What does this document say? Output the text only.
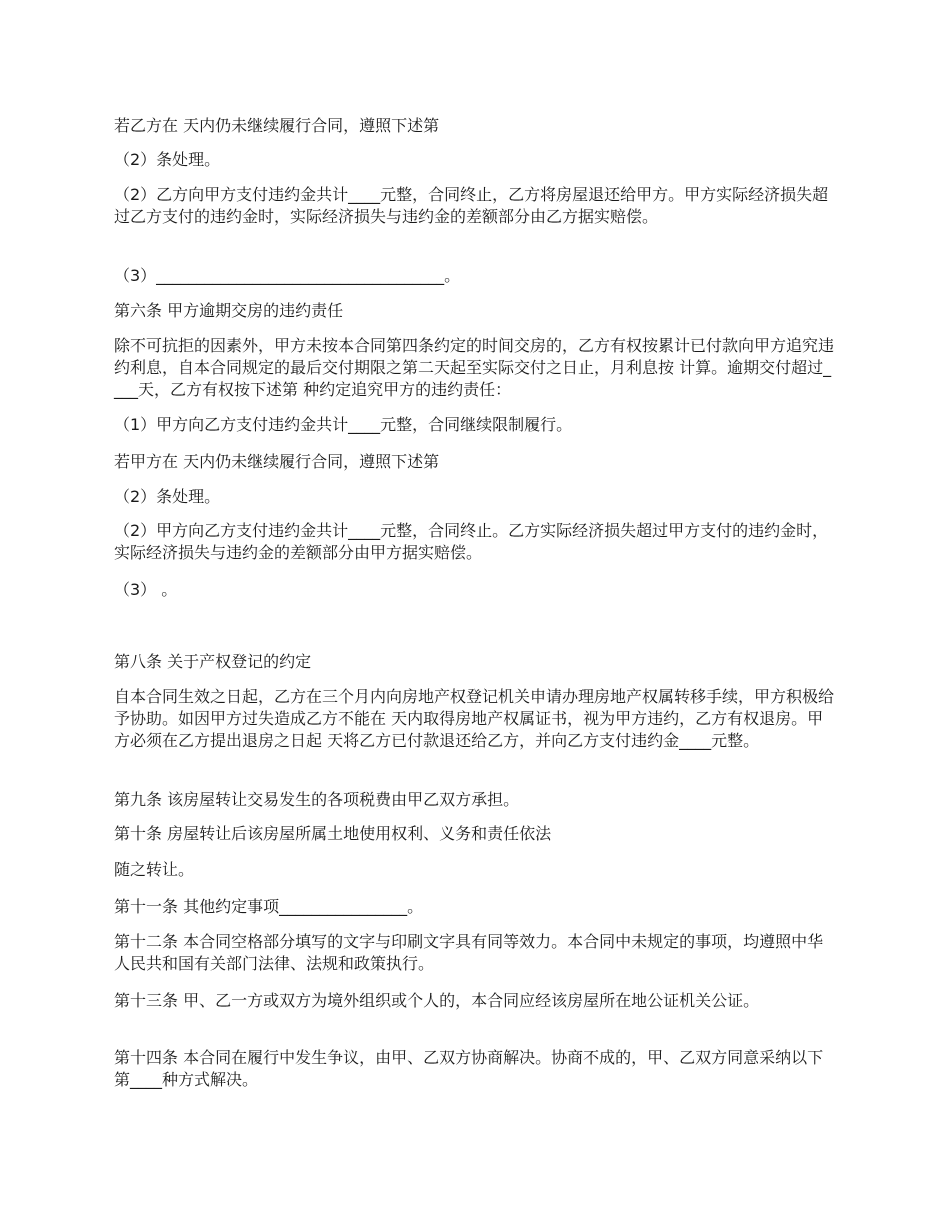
若乙方在 天内仍未继续履行合同，遵照下述第

（2）条处理。

（2）乙方向甲方支付违约金共计____元整，合同终止，乙方将房屋退还给甲方。甲方实际经济损失超过乙方支付的违约金时，实际经济损失与违约金的差额部分由乙方据实赔偿。

（3）____________________________________。

第六条 甲方逾期交房的违约责任

除不可抗拒的因素外，甲方未按本合同第四条约定的时间交房的，乙方有权按累计已付款向甲方追究违约利息，自本合同规定的最后交付期限之第二天起至实际交付之日止，月利息按 计算。逾期交付超过____天，乙方有权按下述第 种约定追究甲方的违约责任：

（1）甲方向乙方支付违约金共计____元整，合同继续限制履行。

若甲方在 天内仍未继续履行合同，遵照下述第

（2）条处理。

（2）甲方向乙方支付违约金共计____元整，合同终止。乙方实际经济损失超过甲方支付的违约金时，实际经济损失与违约金的差额部分由甲方据实赔偿。

（3） 。

第八条 关于产权登记的约定

自本合同生效之日起，乙方在三个月内向房地产权登记机关申请办理房地产权属转移手续，甲方积极给予协助。如因甲方过失造成乙方不能在 天内取得房地产权属证书，视为甲方违约，乙方有权退房。甲方必须在乙方提出退房之日起 天将乙方已付款退还给乙方，并向乙方支付违约金____元整。

第九条 该房屋转让交易发生的各项税费由甲乙双方承担。

第十条 房屋转让后该房屋所属土地使用权利、义务和责任依法

随之转让。

第十一条 其他约定事项________________。

第十二条 本合同空格部分填写的文字与印刷文字具有同等效力。本合同中未规定的事项，均遵照中华人民共和国有关部门法律、法规和政策执行。

第十三条 甲、乙一方或双方为境外组织或个人的，本合同应经该房屋所在地公证机关公证。

第十四条 本合同在履行中发生争议，由甲、乙双方协商解决。协商不成的，甲、乙双方同意采纳以下第____种方式解决。
